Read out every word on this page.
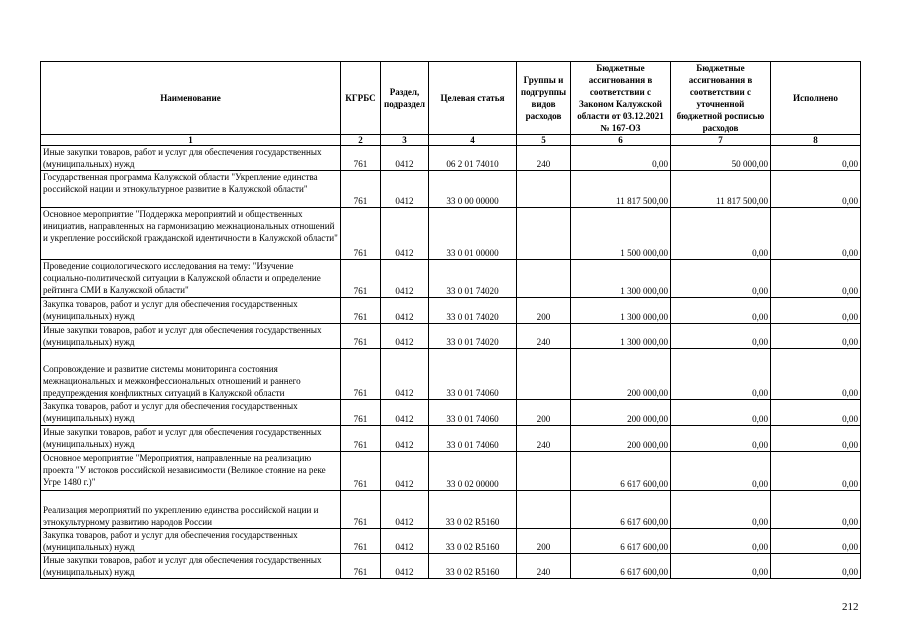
Наименование	КГРБС	Раздел, подраздел	Целевая статья	Группы и подгруппы видов расходов	Бюджетные ассигнования в соответствии с Законом Калужской области от 03.12.2021 № 167-ОЗ	Бюджетные ассигнования в соответствии с уточненной бюджетной росписью расходов	Исполнено
1	2	3	4	5	6	7	8
Иные закупки товаров, работ и услуг для обеспечения государственных (муниципальных) нужд	761	0412	06 2 01 74010	240	0,00	50 000,00	0,00
Государственная программа Калужской области "Укрепление единства российской нации и этнокультурное развитие в Калужской области"	761	0412	33 0 00 00000		11 817 500,00	11 817 500,00	0,00
Основное мероприятие "Поддержка мероприятий и общественных инициатив, направленных на гармонизацию межнациональных отношений и укрепление российской гражданской идентичности в Калужской области"	761	0412	33 0 01 00000		1 500 000,00	0,00	0,00
Проведение социологического исследования на тему: "Изучение социально-политической ситуации в Калужской области и определение рейтинга СМИ в Калужской области"	761	0412	33 0 01 74020		1 300 000,00	0,00	0,00
Закупка товаров, работ и услуг для обеспечения государственных (муниципальных) нужд	761	0412	33 0 01 74020	200	1 300 000,00	0,00	0,00
Иные закупки товаров, работ и услуг для обеспечения государственных (муниципальных) нужд	761	0412	33 0 01 74020	240	1 300 000,00	0,00	0,00
Сопровождение и развитие системы мониторинга состояния межнациональных и межконфессиональных отношений и раннего предупреждения конфликтных ситуаций в Калужской области	761	0412	33 0 01 74060		200 000,00	0,00	0,00
Закупка товаров, работ и услуг для обеспечения государственных (муниципальных) нужд	761	0412	33 0 01 74060	200	200 000,00	0,00	0,00
Иные закупки товаров, работ и услуг для обеспечения государственных (муниципальных) нужд	761	0412	33 0 01 74060	240	200 000,00	0,00	0,00
Основное мероприятие "Мероприятия, направленные на реализацию проекта "У истоков российской независимости (Великое стояние на реке Угре 1480 г.)"	761	0412	33 0 02 00000		6 617 600,00	0,00	0,00
Реализация мероприятий по укреплению единства российской нации и этнокультурному развитию народов России	761	0412	33 0 02 R5160		6 617 600,00	0,00	0,00
Закупка товаров, работ и услуг для обеспечения государственных (муниципальных) нужд	761	0412	33 0 02 R5160	200	6 617 600,00	0,00	0,00
Иные закупки товаров, работ и услуг для обеспечения государственных (муниципальных) нужд	761	0412	33 0 02 R5160	240	6 617 600,00	0,00	0,00
212
